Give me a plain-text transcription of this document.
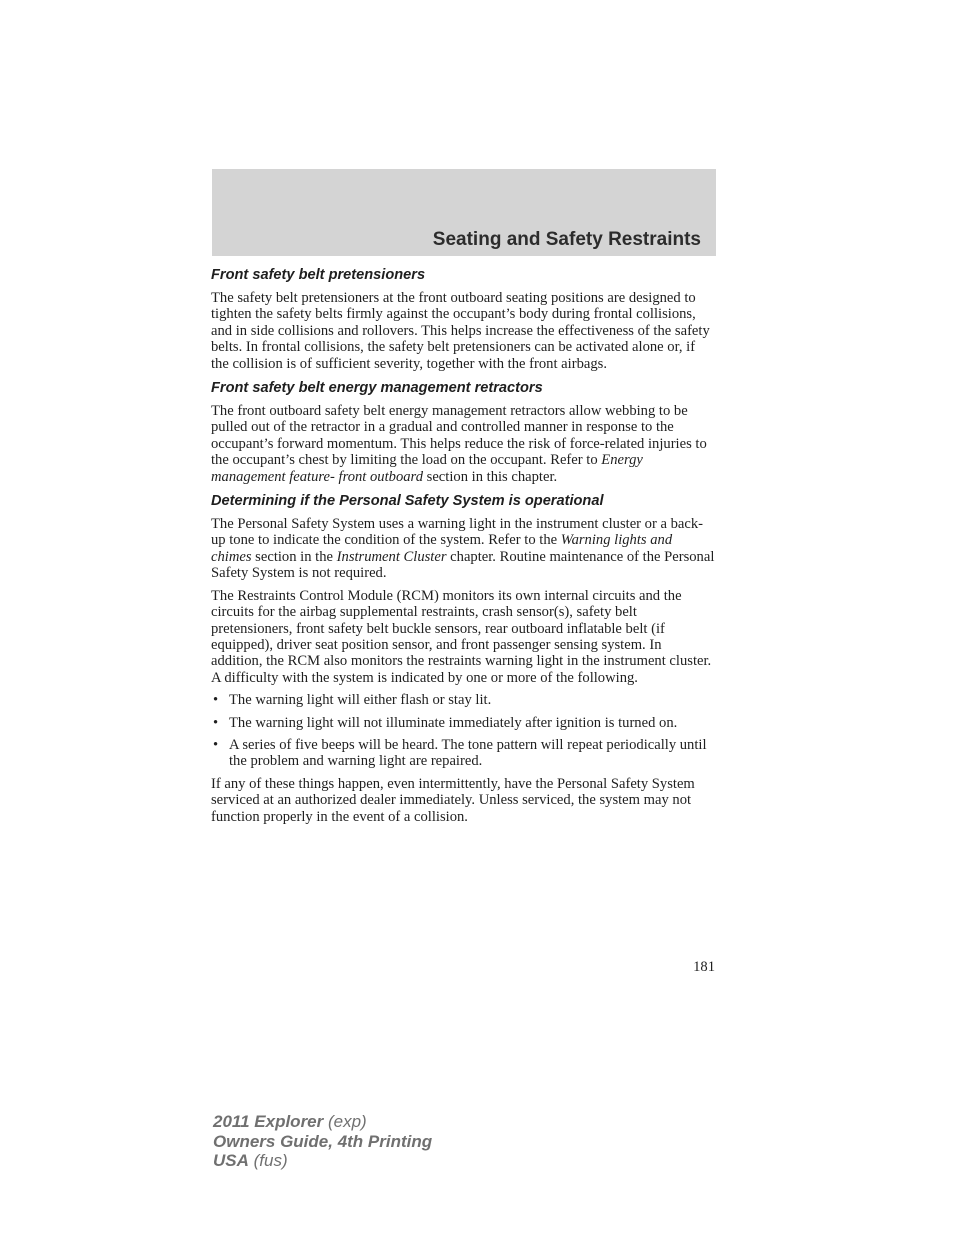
Seating and Safety Restraints
Front safety belt pretensioners

The safety belt pretensioners at the front outboard seating positions are designed to tighten the safety belts firmly against the occupant’s body during frontal collisions, and in side collisions and rollovers. This helps increase the effectiveness of the safety belts. In frontal collisions, the safety belt pretensioners can be activated alone or, if the collision is of sufficient severity, together with the front airbags.

Front safety belt energy management retractors

The front outboard safety belt energy management retractors allow webbing to be pulled out of the retractor in a gradual and controlled manner in response to the occupant’s forward momentum. This helps reduce the risk of force-related injuries to the occupant’s chest by limiting the load on the occupant. Refer to Energy management feature- front outboard section in this chapter.

Determining if the Personal Safety System is operational

The Personal Safety System uses a warning light in the instrument cluster or a back-up tone to indicate the condition of the system. Refer to the Warning lights and chimes section in the Instrument Cluster chapter. Routine maintenance of the Personal Safety System is not required.

The Restraints Control Module (RCM) monitors its own internal circuits and the circuits for the airbag supplemental restraints, crash sensor(s), safety belt pretensioners, front safety belt buckle sensors, rear outboard inflatable belt (if equipped), driver seat position sensor, and front passenger sensing system. In addition, the RCM also monitors the restraints warning light in the instrument cluster. A difficulty with the system is indicated by one or more of the following.

• The warning light will either flash or stay lit.
• The warning light will not illuminate immediately after ignition is turned on.
• A series of five beeps will be heard. The tone pattern will repeat periodically until the problem and warning light are repaired.

If any of these things happen, even intermittently, have the Personal Safety System serviced at an authorized dealer immediately. Unless serviced, the system may not function properly in the event of a collision.

181
2011 Explorer (exp)
Owners Guide, 4th Printing
USA (fus)
